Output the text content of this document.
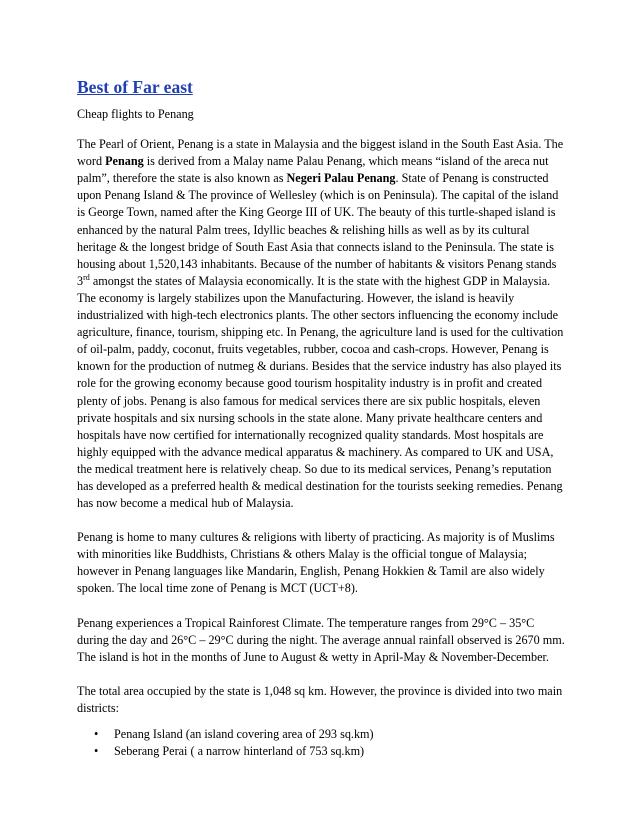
Best of Far east

Cheap flights to Penang

The Pearl of Orient, Penang is a state in Malaysia and the biggest island in the South East Asia. The word Penang is derived from a Malay name Palau Penang, which means “island of the areca nut palm”, therefore the state is also known as Negeri Palau Penang. State of Penang is constructed upon Penang Island & The province of Wellesley (which is on Peninsula). The capital of the island is George Town, named after the King George III of UK. The beauty of this turtle-shaped island is enhanced by the natural Palm trees, Idyllic beaches & relishing hills as well as by its cultural heritage & the longest bridge of South East Asia that connects island to the Peninsula. The state is housing about 1,520,143 inhabitants. Because of the number of habitants & visitors Penang stands 3rd amongst the states of Malaysia economically. It is the state with the highest GDP in Malaysia. The economy is largely stabilizes upon the Manufacturing. However, the island is heavily industrialized with high-tech electronics plants. The other sectors influencing the economy include agriculture, finance, tourism, shipping etc. In Penang, the agriculture land is used for the cultivation of oil-palm, paddy, coconut, fruits vegetables, rubber, cocoa and cash-crops. However, Penang is known for the production of nutmeg & durians. Besides that the service industry has also played its role for the growing economy because good tourism hospitality industry is in profit and created plenty of jobs. Penang is also famous for medical services there are six public hospitals, eleven private hospitals and six nursing schools in the state alone. Many private healthcare centers and hospitals have now certified for internationally recognized quality standards. Most hospitals are highly equipped with the advance medical apparatus & machinery. As compared to UK and USA, the medical treatment here is relatively cheap. So due to its medical services, Penang’s reputation has developed as a preferred health & medical destination for the tourists seeking remedies. Penang has now become a medical hub of Malaysia.

Penang is home to many cultures & religions with liberty of practicing. As majority is of Muslims with minorities like Buddhists, Christians & others Malay is the official tongue of Malaysia; however in Penang languages like Mandarin, English, Penang Hokkien & Tamil are also widely spoken. The local time zone of Penang is MCT (UCT+8).

Penang experiences a Tropical Rainforest Climate. The temperature ranges from 29°C – 35°C during the day and 26°C – 29°C during the night. The average annual rainfall observed is 2670 mm. The island is hot in the months of June to August & wetty in April-May & November-December.

The total area occupied by the state is 1,048 sq km. However, the province is divided into two main districts:

• Penang Island (an island covering area of 293 sq.km)
• Seberang Perai ( a narrow hinterland of 753 sq.km)
